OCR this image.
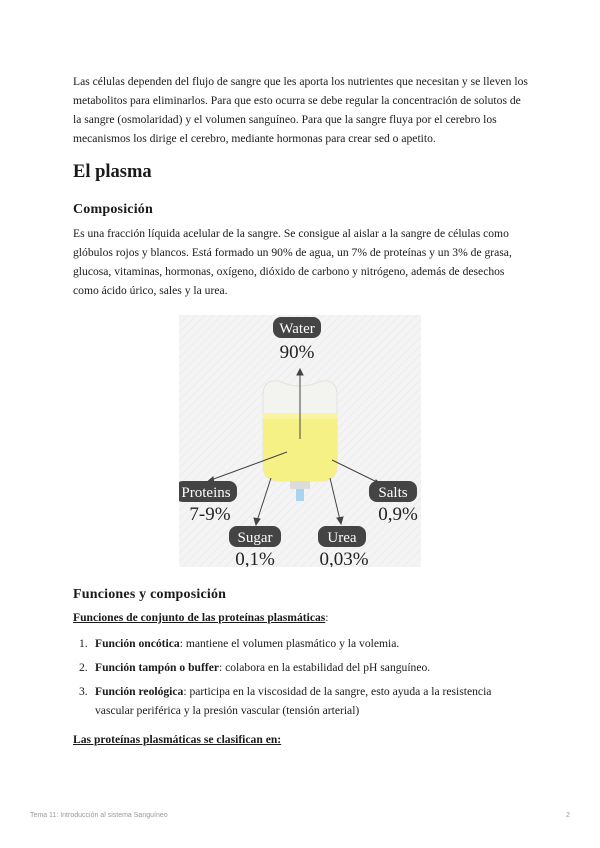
Las células dependen del flujo de sangre que les aporta los nutrientes que necesitan y se lleven los metabolitos para eliminarlos. Para que esto ocurra se debe regular la concentración de solutos de la sangre (osmolaridad) y el volumen sanguíneo. Para que la sangre fluya por el cerebro los mecanismos los dirige el cerebro, mediante hormonas para crear sed o apetito.

El plasma
Composición

Es una fracción líquida acelular de la sangre. Se consigue al aislar a la sangre de células como glóbulos rojos y blancos. Está formado un 90% de agua, un 7% de proteínas y un 3% de grasa, glucosa, vitaminas, hormonas, oxígeno, dióxido de carbono y nitrógeno, además de desechos como ácido úrico, sales y la urea.

Water
90%
Proteins
7-9%
Sugar
0,1%
Urea
0,03%
Salts
0,9%
Funciones y composición

Funciones de conjunto de las proteínas plasmáticas:

1. Función oncótica: mantiene el volumen plasmático y la volemia.
2. Función tampón o buffer: colabora en la estabilidad del pH sanguíneo.
3. Función reológica: participa en la viscosidad de la sangre, esto ayuda a la resistencia vascular periférica y la presión vascular (tensión arterial)

Las proteínas plasmáticas se clasifican en:

Tema 11: Introducción al sistema Sanguíneo	2
